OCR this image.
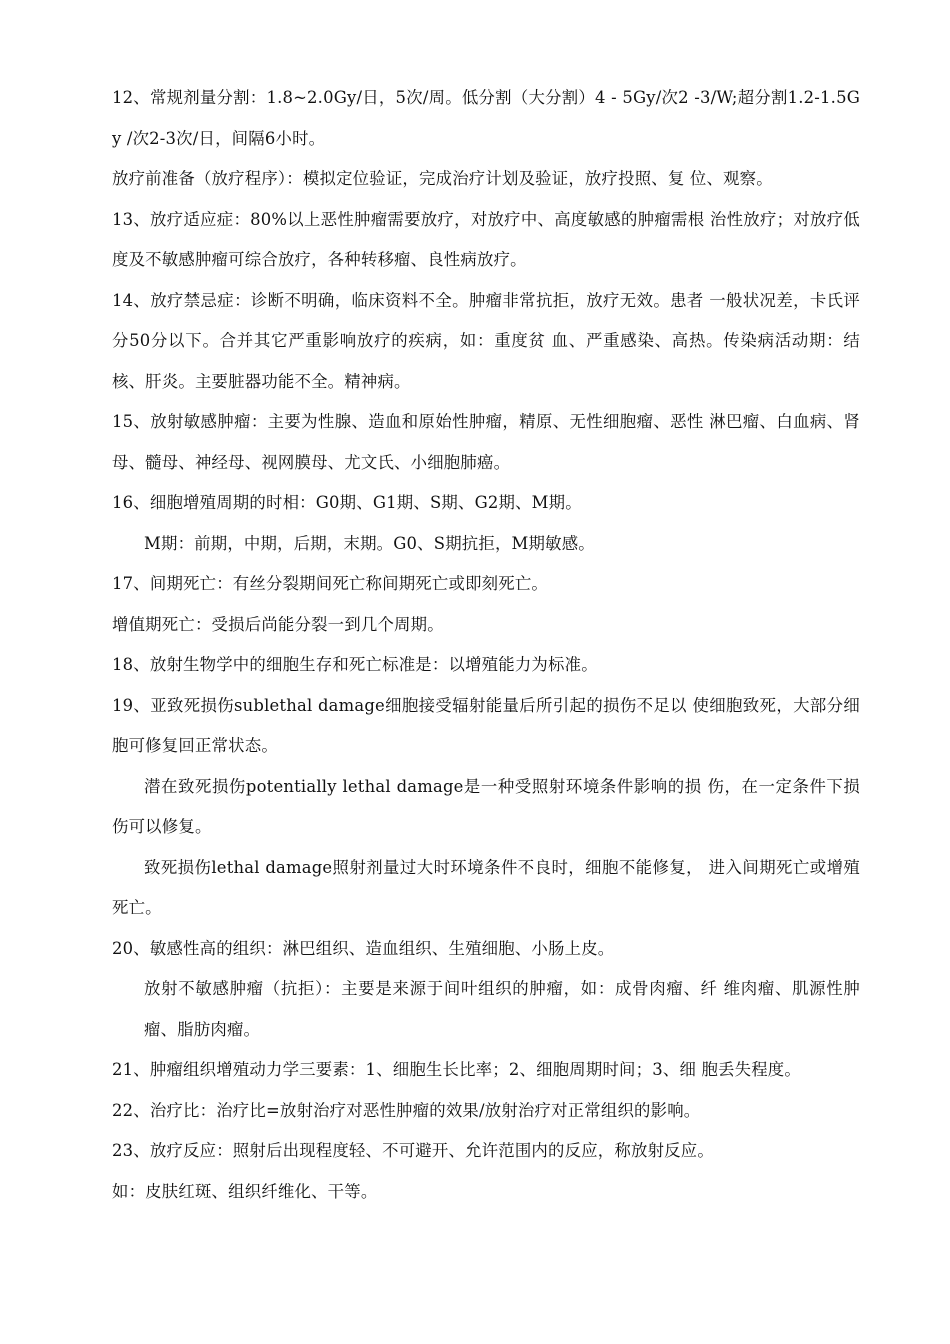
12、常规剂量分割：1.8~2.0Gy/日，5次/周。低分割（大分割）4 - 5Gy/次2 -3/W;超分割1.2-1.5Gy /次2-3次/日，间隔6小时。

放疗前准备（放疗程序）：模拟定位验证，完成治疗计划及验证，放疗投照、复 位、观察。

13、放疗适应症：80%以上恶性肿瘤需要放疗，对放疗中、高度敏感的肿瘤需根 治性放疗；对放疗低度及不敏感肿瘤可综合放疗，各种转移瘤、良性病放疗。

14、放疗禁忌症：诊断不明确，临床资料不全。肿瘤非常抗拒，放疗无效。患者 一般状况差，卡氏评分50分以下。合并其它严重影响放疗的疾病，如：重度贫 血、严重感染、高热。传染病活动期：结核、肝炎。主要脏器功能不全。精神病。

15、放射敏感肿瘤：主要为性腺、造血和原始性肿瘤，精原、无性细胞瘤、恶性 淋巴瘤、白血病、肾母、髓母、神经母、视网膜母、尤文氏、小细胞肺癌。

16、细胞增殖周期的时相：G0期、G1期、S期、G2期、M期。

M期：前期，中期，后期，末期。G0、S期抗拒，M期敏感。

17、间期死亡：有丝分裂期间死亡称间期死亡或即刻死亡。

增值期死亡：受损后尚能分裂一到几个周期。

18、放射生物学中的细胞生存和死亡标准是：以增殖能力为标准。

19、亚致死损伤sublethal damage细胞接受辐射能量后所引起的损伤不足以 使细胞致死，大部分细胞可修复回正常状态。

潜在致死损伤potentially lethal damage是一种受照射环境条件影响的损 伤，在一定条件下损伤可以修复。

致死损伤lethal damage照射剂量过大时环境条件不良时，细胞不能修复， 进入间期死亡或增殖死亡。

20、敏感性高的组织：淋巴组织、造血组织、生殖细胞、小肠上皮。

放射不敏感肿瘤（抗拒）：主要是来源于间叶组织的肿瘤，如：成骨肉瘤、纤 维肉瘤、肌源性肿瘤、脂肪肉瘤。

21、肿瘤组织增殖动力学三要素：1、细胞生长比率；2、细胞周期时间；3、细 胞丢失程度。

22、治疗比：治疗比=放射治疗对恶性肿瘤的效果/放射治疗对正常组织的影响。

23、放疗反应：照射后出现程度轻、不可避开、允许范围内的反应，称放射反应。

如：皮肤红斑、组织纤维化、干等。
